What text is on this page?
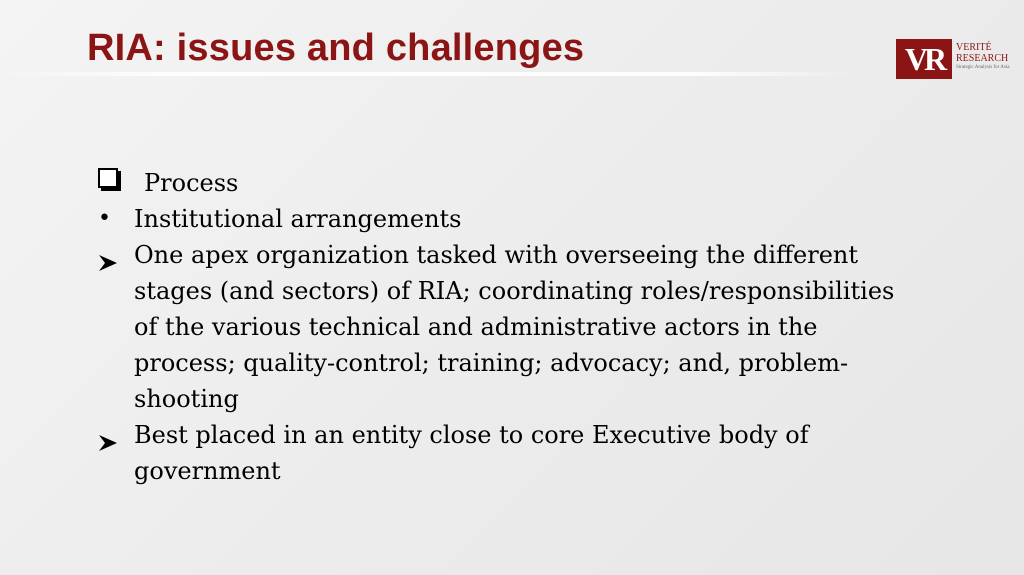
RIA: issues and challenges	VR	VERITÉ
RESEARCH
Strategic Analysis for Asia
Process
• Institutional arrangements
One apex organization tasked with overseeing the different stages (and sectors) of RIA; coordinating roles/responsibilities of the various technical and administrative actors in the process; quality-control; training; advocacy; and, problem-shooting
Best placed in an entity close to core Executive body of government
